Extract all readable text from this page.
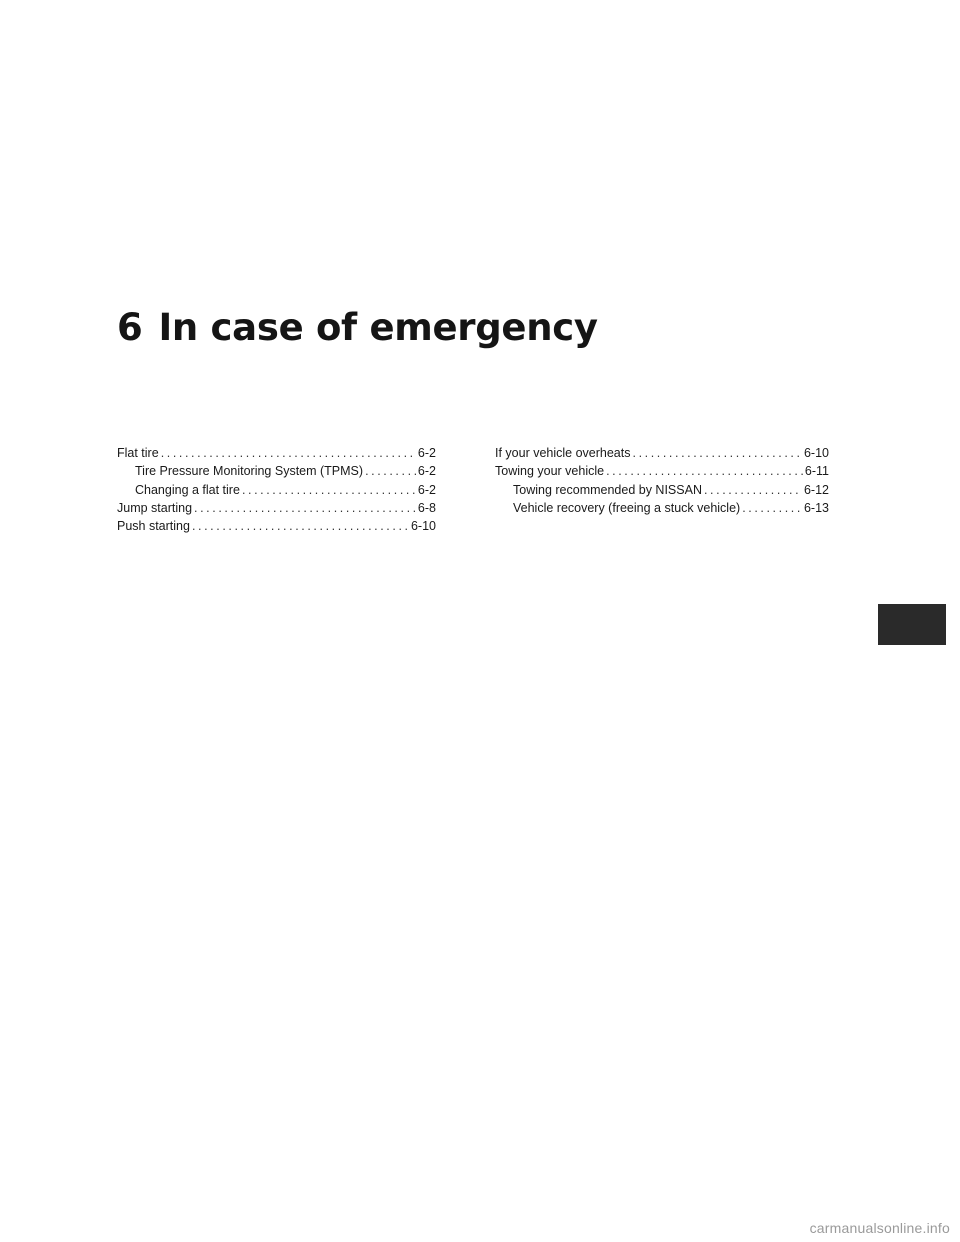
6 In case of emergency
Flat tire .....	6-2
Tire Pressure Monitoring System (TPMS) .....	6-2
Changing a flat tire .....	6-2
Jump starting .....	6-8
Push starting .....	6-10
If your vehicle overheats .....	6-10
Towing your vehicle .....	6-11
Towing recommended by NISSAN .....	6-12
Vehicle recovery (freeing a stuck vehicle) .....	6-13
carmanualsonline.info
